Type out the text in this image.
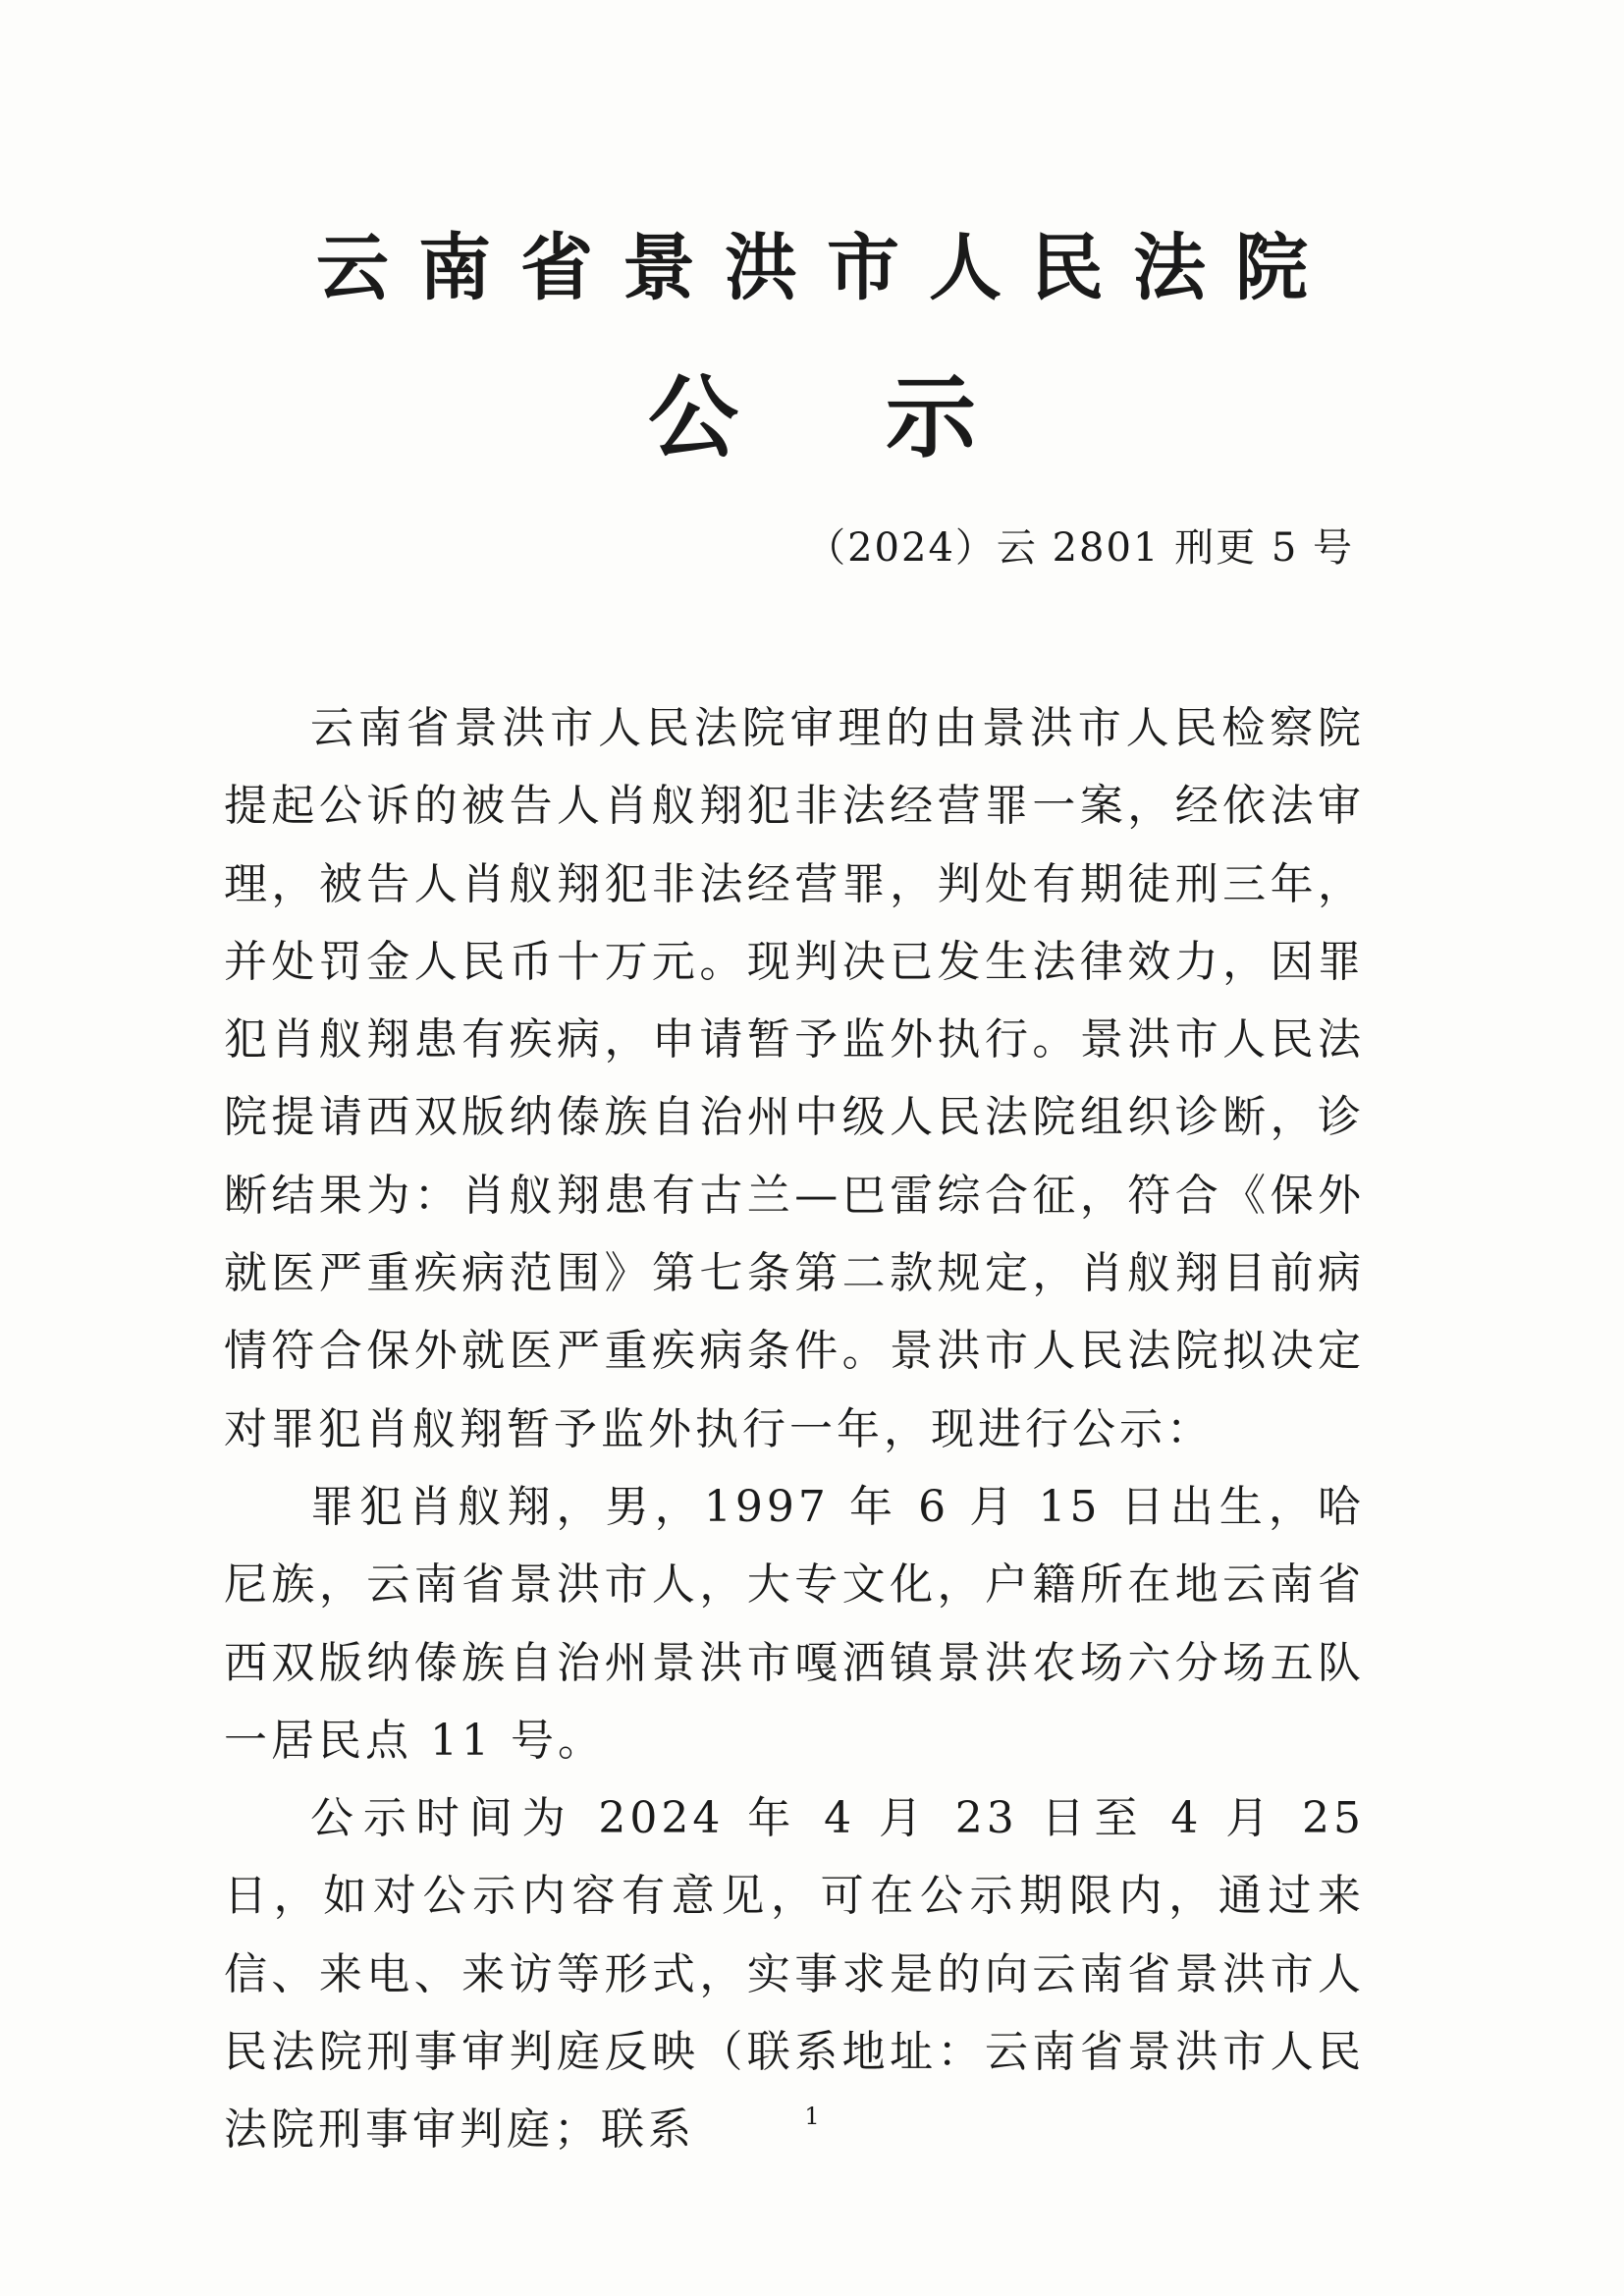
云南省景洪市人民法院
公示
（2024）云 2801 刑更 5 号

云南省景洪市人民法院审理的由景洪市人民检察院提起公诉的被告人肖舣翔犯非法经营罪一案，经依法审理，被告人肖舣翔犯非法经营罪，判处有期徒刑三年，并处罚金人民币十万元。现判决已发生法律效力，因罪犯肖舣翔患有疾病，申请暂予监外执行。景洪市人民法院提请西双版纳傣族自治州中级人民法院组织诊断，诊断结果为：肖舣翔患有古兰—巴雷综合征，符合《保外就医严重疾病范围》第七条第二款规定，肖舣翔目前病情符合保外就医严重疾病条件。景洪市人民法院拟决定对罪犯肖舣翔暂予监外执行一年，现进行公示：

罪犯肖舣翔，男，1997 年 6 月 15 日出生，哈尼族，云南省景洪市人，大专文化，户籍所在地云南省西双版纳傣族自治州景洪市嘎洒镇景洪农场六分场五队一居民点 11 号。

公示时间为 2024 年 4 月 23 日至 4 月 25 日，如对公示内容有意见，可在公示期限内，通过来信、来电、来访等形式，实事求是的向云南省景洪市人民法院刑事审判庭反映（联系地址：云南省景洪市人民法院刑事审判庭；联系	1
